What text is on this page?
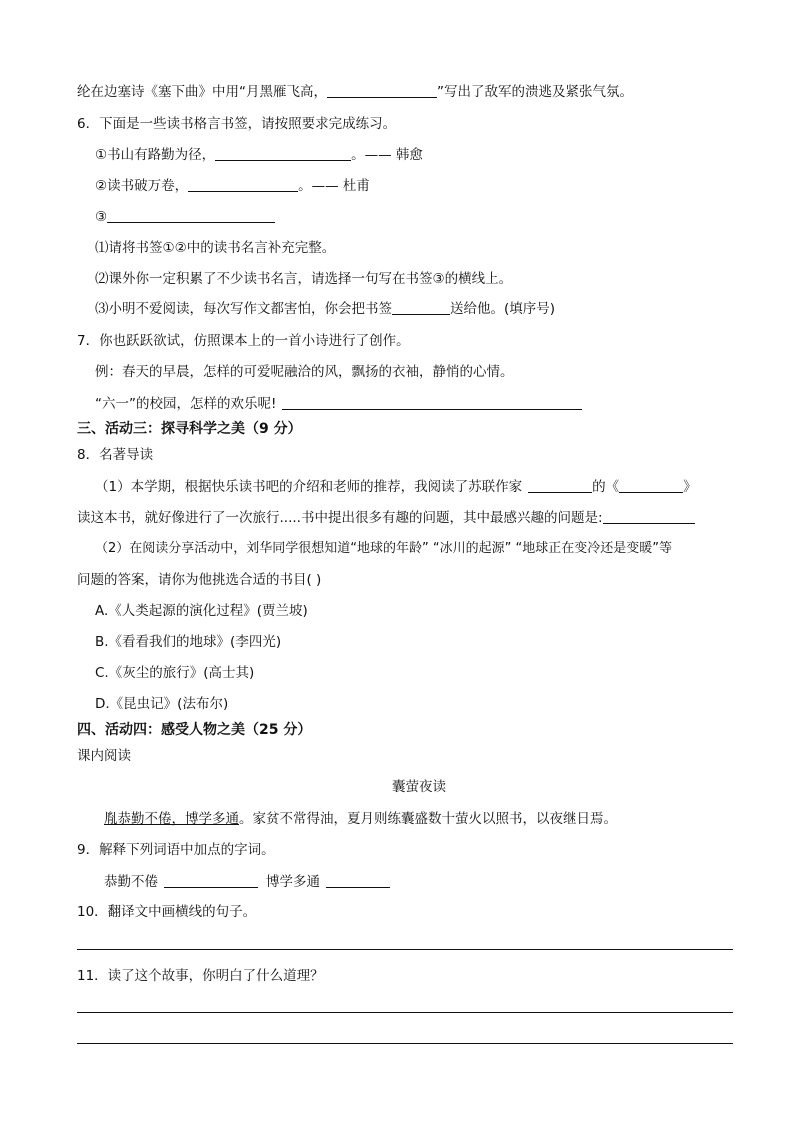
纶在边塞诗《塞下曲》中用“月黑雁飞高，	”写出了敌军的溃逃及紧张气氛。
6．下面是一些读书格言书签，请按照要求完成练习。
①书山有路勤为径，	。—— 韩愈
②读书破万卷，	。—— 杜甫
③
⑴请将书签①②中的读书名言补充完整。
⑵课外你一定积累了不少读书名言，请选择一句写在书签③的横线上。
⑶小明不爱阅读，每次写作文都害怕，你会把书签	送给他。(填序号)
7．你也跃跃欲试，仿照课本上的一首小诗进行了创作。
例：春天的早晨，怎样的可爱呢融洽的风，飘扬的衣袖，静悄的心情。
“六一”的校园，怎样的欢乐呢!
三、活动三：探寻科学之美（9 分）
8．名著导读
（1）本学期，根据快乐读书吧的介绍和老师的推荐，我阅读了苏联作家	的《	》
读这本书，就好像进行了一次旅行.....书中提出很多有趣的问题，其中最感兴趣的问题是:
（2）在阅读分享活动中，刘华同学很想知道“地球的年龄” “冰川的起源” “地球正在变冷还是变暖”等
问题的答案，请你为他挑选合适的书目( )
A.《人类起源的演化过程》(贾兰坡)
B.《看看我们的地球》(李四光)
C.《灰尘的旅行》(高士其)
D.《昆虫记》(法布尔)
四、活动四：感受人物之美（25 分）
课内阅读
囊萤夜读
胤恭勤不倦，博学多通。家贫不常得油，夏月则练囊盛数十萤火以照书，以夜继日焉。
9．解释下列词语中加点的字词。
恭勤不倦	博学多通
10．翻译文中画横线的句子。
11．读了这个故事，你明白了什么道理？
